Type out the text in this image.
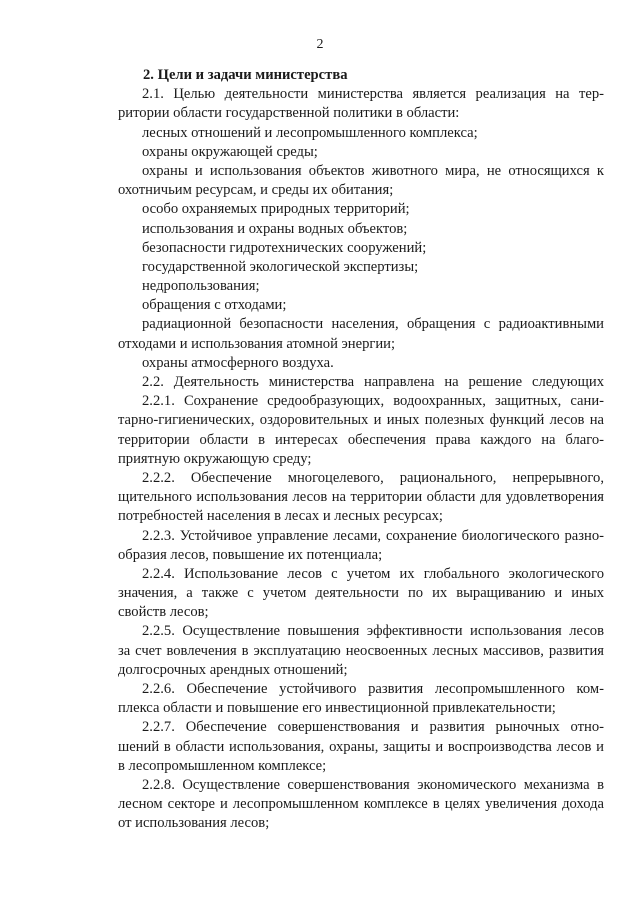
2
2. Цели и задачи министерства
2.1. Целью деятельности министерства является реализация на тер-
ритории области государственной политики в области:
лесных отношений и лесопромышленного комплекса;
охраны окружающей среды;
охраны и использования объектов животного мира, не относящихся к
охотничьим ресурсам, и среды их обитания;
особо охраняемых природных территорий;
использования и охраны водных объектов;
безопасности гидротехнических сооружений;
государственной экологической экспертизы;
недропользования;
обращения с отходами;
радиационной безопасности населения, обращения с радиоактивными
отходами и использования атомной энергии;
охраны атмосферного воздуха.
2.2. Деятельность министерства направлена на решение следующих
2.2.1. Сохранение средообразующих, водоохранных, защитных, сани-
тарно-гигиенических, оздоровительных и иных полезных функций лесов на
территории области в интересах обеспечения права каждого на благо-
приятную окружающую среду;
2.2.2. Обеспечение многоцелевого, рационального, непрерывного,
щительного использования лесов на территории области для удовлетворения
потребностей населения в лесах и лесных ресурсах;
2.2.3. Устойчивое управление лесами, сохранение биологического разно-
образия лесов, повышение их потенциала;
2.2.4. Использование лесов с учетом их глобального экологического
значения, а также с учетом деятельности по их выращиванию и иных
свойств лесов;
2.2.5. Осуществление повышения эффективности использования лесов
за счет вовлечения в эксплуатацию неосвоенных лесных массивов, развития
долгосрочных арендных отношений;
2.2.6. Обеспечение устойчивого развития лесопромышленного ком-
плекса области и повышение его инвестиционной привлекательности;
2.2.7. Обеспечение совершенствования и развития рыночных отно-
шений в области использования, охраны, защиты и воспроизводства лесов и
в лесопромышленном комплексе;
2.2.8. Осуществление совершенствования экономического механизма в
лесном секторе и лесопромышленном комплексе в целях увеличения дохода
от использования лесов;
